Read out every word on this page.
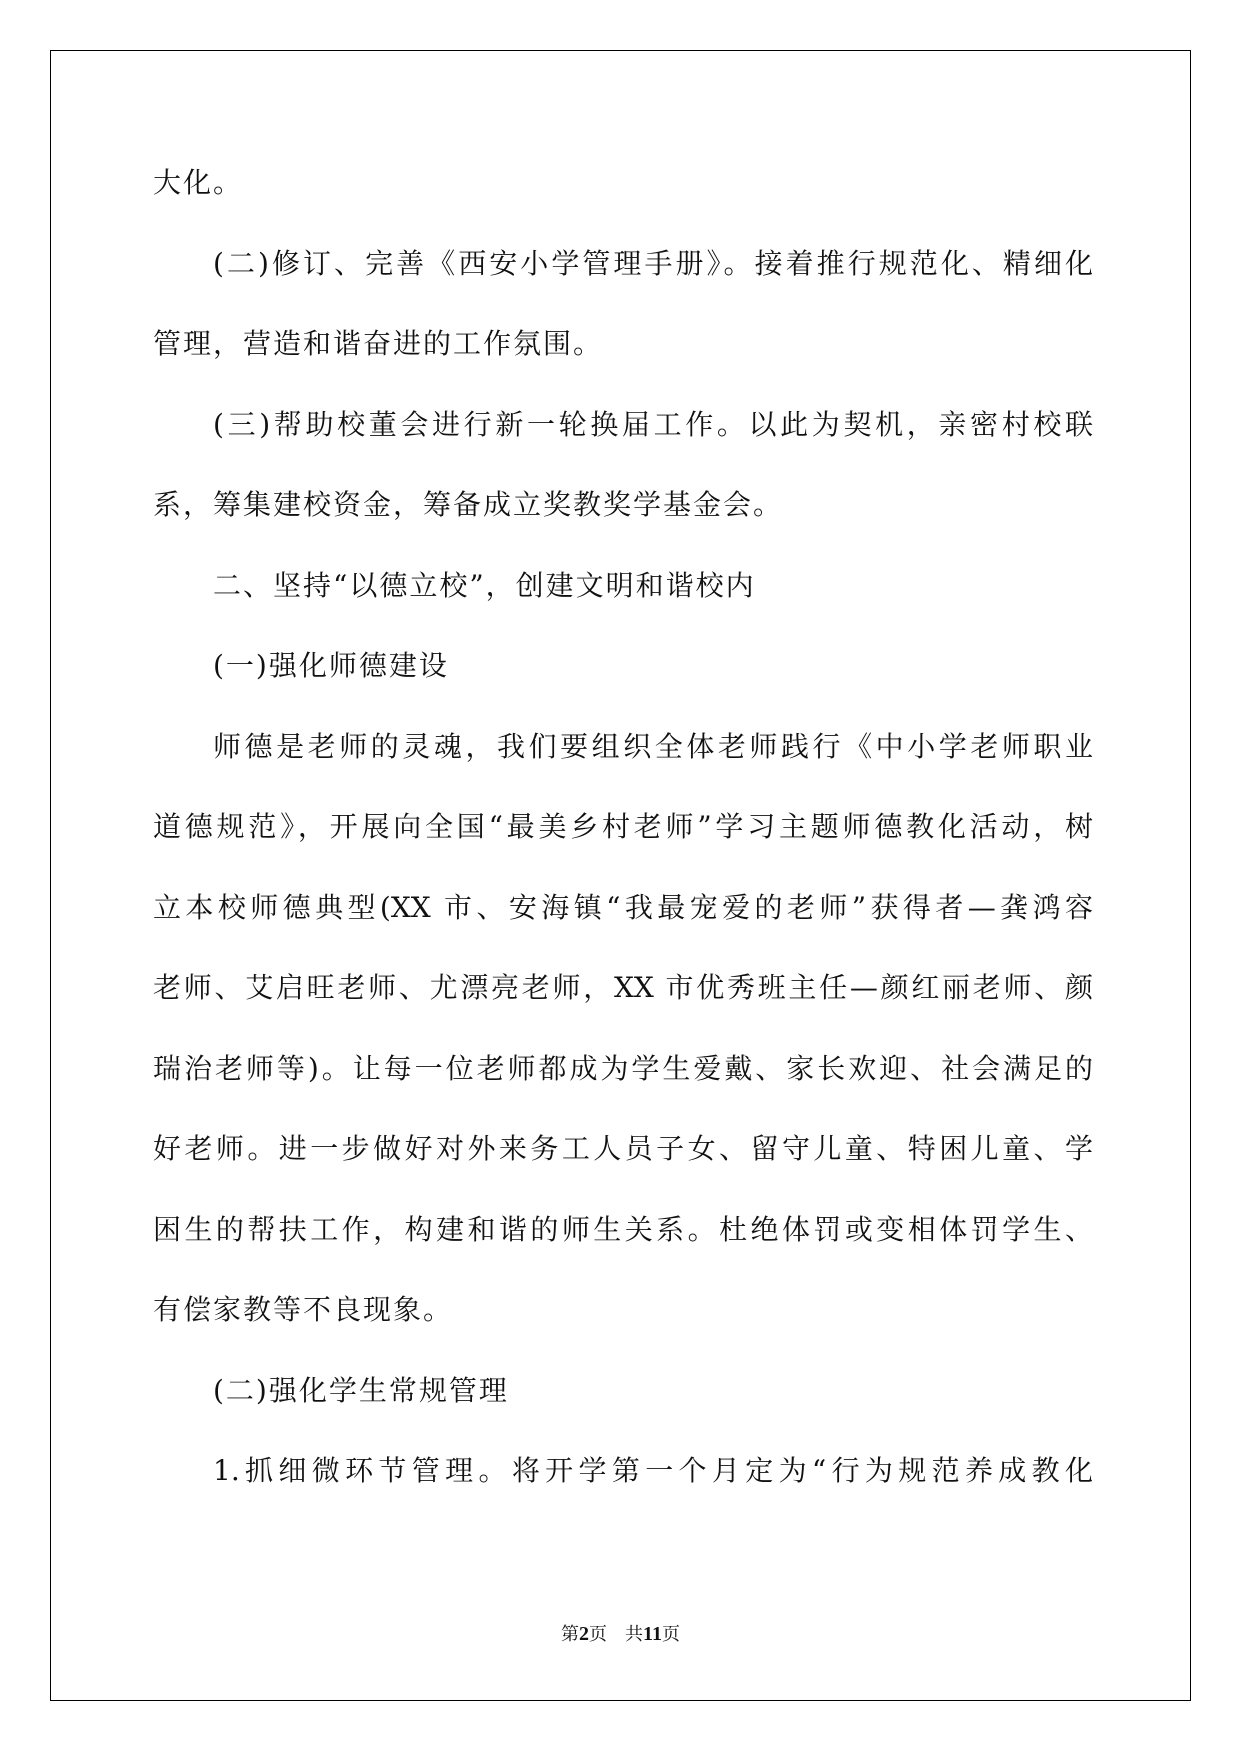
大化。
(二)修订、完善《西安小学管理手册》。接着推行规范化、精细化
管理，营造和谐奋进的工作氛围。
(三)帮助校董会进行新一轮换届工作。以此为契机，亲密村校联
系，筹集建校资金，筹备成立奖教奖学基金会。
二、坚持“以德立校”，创建文明和谐校内
(一)强化师德建设
师德是老师的灵魂，我们要组织全体老师践行《中小学老师职业
道德规范》，开展向全国“最美乡村老师”学习主题师德教化活动，树
立本校师德典型(XX 市、安海镇“我最宠爱的老师”获得者—龚鸿容
老师、艾启旺老师、尤漂亮老师，XX 市优秀班主任—颜红丽老师、颜
瑞治老师等)。让每一位老师都成为学生爱戴、家长欢迎、社会满足的
好老师。进一步做好对外来务工人员子女、留守儿童、特困儿童、学
困生的帮扶工作，构建和谐的师生关系。杜绝体罚或变相体罚学生、
有偿家教等不良现象。
(二)强化学生常规管理
1.抓细微环节管理。将开学第一个月定为“行为规范养成教化
第2页　共11页
